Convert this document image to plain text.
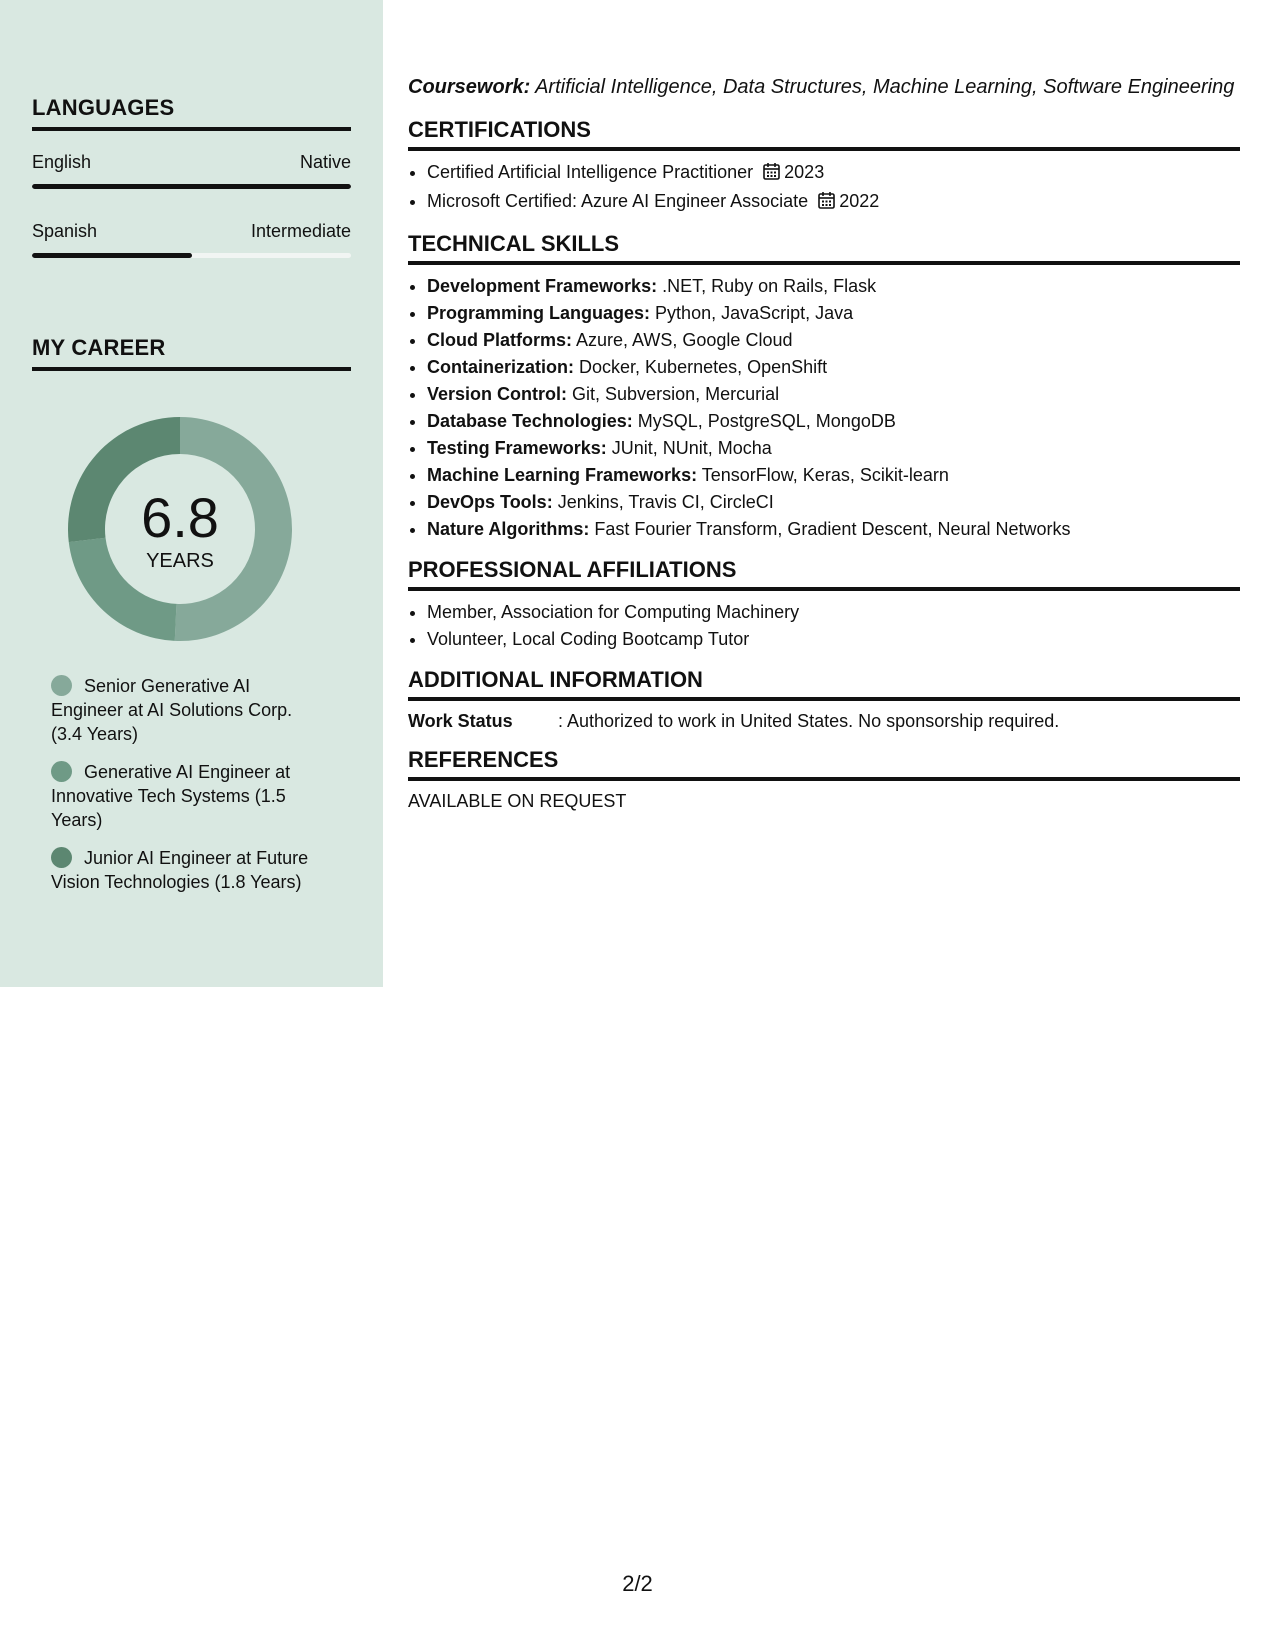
LANGUAGES
English	Native
Spanish	Intermediate
MY CAREER
6.8
YEARS
Senior Generative AI Engineer at AI Solutions Corp. (3.4 Years)
Generative AI Engineer at Innovative Tech Systems (1.5 Years)
Junior AI Engineer at Future Vision Technologies (1.8 Years)
Coursework: Artificial Intelligence, Data Structures, Machine Learning, Software Engineering
CERTIFICATIONS
• Certified Artificial Intelligence Practitioner 2023
• Microsoft Certified: Azure AI Engineer Associate 2022
TECHNICAL SKILLS
• Development Frameworks: .NET, Ruby on Rails, Flask
• Programming Languages: Python, JavaScript, Java
• Cloud Platforms: Azure, AWS, Google Cloud
• Containerization: Docker, Kubernetes, OpenShift
• Version Control: Git, Subversion, Mercurial
• Database Technologies: MySQL, PostgreSQL, MongoDB
• Testing Frameworks: JUnit, NUnit, Mocha
• Machine Learning Frameworks: TensorFlow, Keras, Scikit-learn
• DevOps Tools: Jenkins, Travis CI, CircleCI
• Nature Algorithms: Fast Fourier Transform, Gradient Descent, Neural Networks
PROFESSIONAL AFFILIATIONS
• Member, Association for Computing Machinery
• Volunteer, Local Coding Bootcamp Tutor
ADDITIONAL INFORMATION
Work Status	: Authorized to work in United States. No sponsorship required.
REFERENCES
AVAILABLE ON REQUEST
2/2
